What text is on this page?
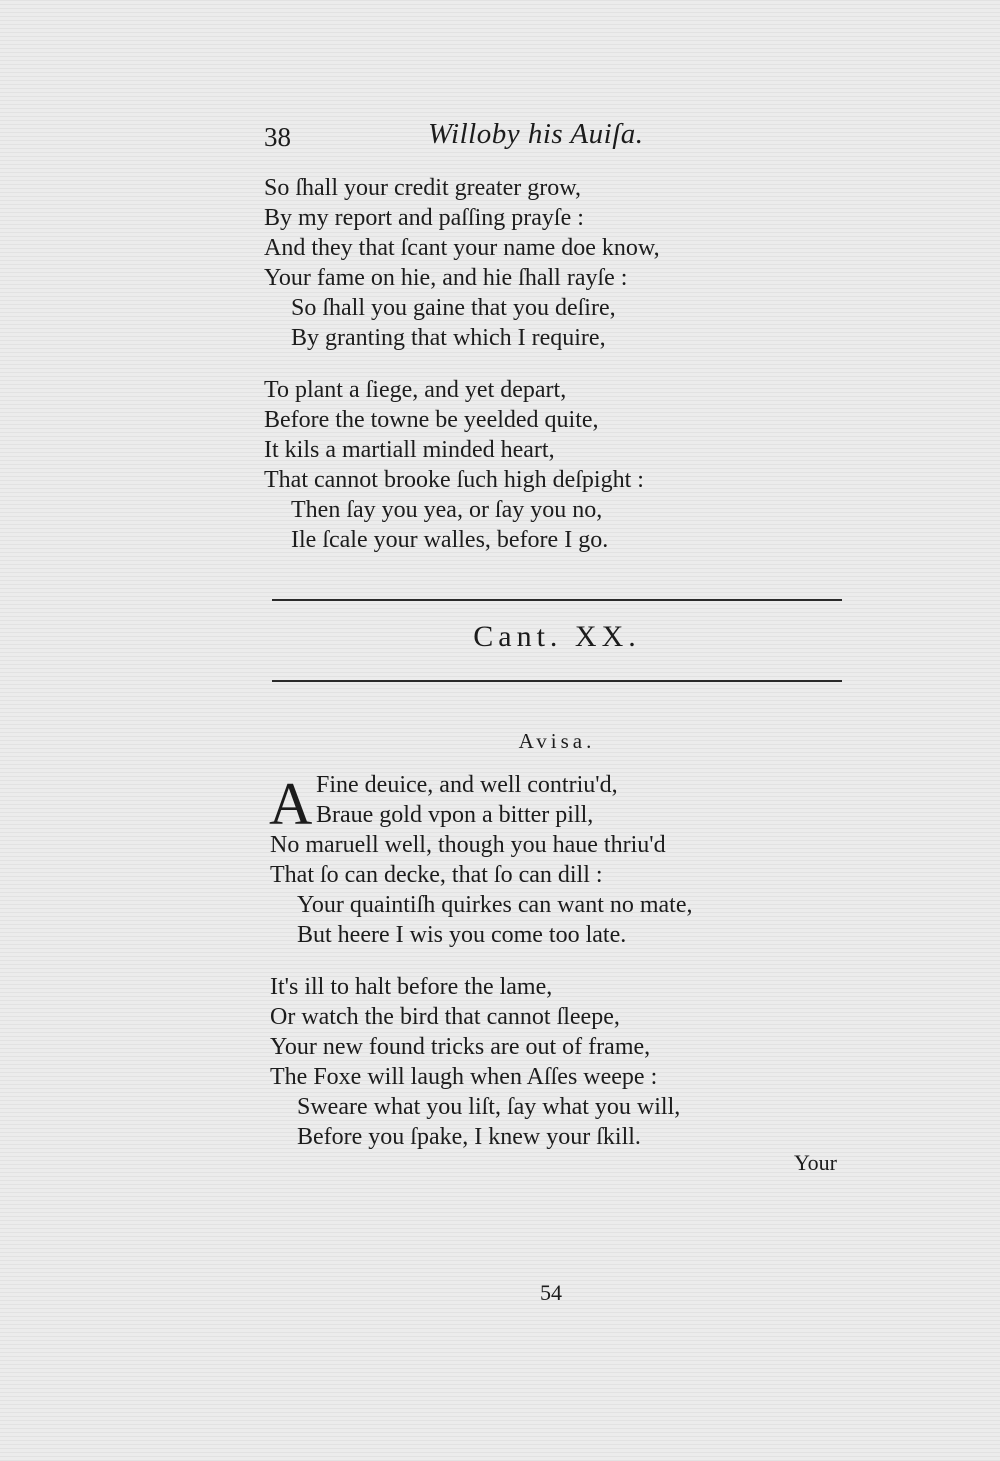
38	Willoby his Auiſa.
So ſhall your credit greater grow,
By my report and paſſing prayſe :
And they that ſcant your name doe know,
Your fame on hie, and hie ſhall rayſe :
So ſhall you gaine that you deſire,
By granting that which I require,
To plant a ſiege, and yet depart,
Before the towne be yeelded quite,
It kils a martiall minded heart,
That cannot brooke ſuch high deſpight :
Then ſay you yea, or ſay you no,
Ile ſcale your walles, before I go.
Cant. XX.
Avisa.
A Fine deuice, and well contriu'd,
Braue gold vpon a bitter pill,
No maruell well, though you haue thriu'd
That ſo can decke, that ſo can dill :
Your quaintiſh quirkes can want no mate,
But heere I wis you come too late.
It's ill to halt before the lame,
Or watch the bird that cannot ſleepe,
Your new found tricks are out of frame,
The Foxe will laugh when Aſſes weepe :
Sweare what you liſt, ſay what you will,
Before you ſpake, I knew your ſkill.
Your
54
